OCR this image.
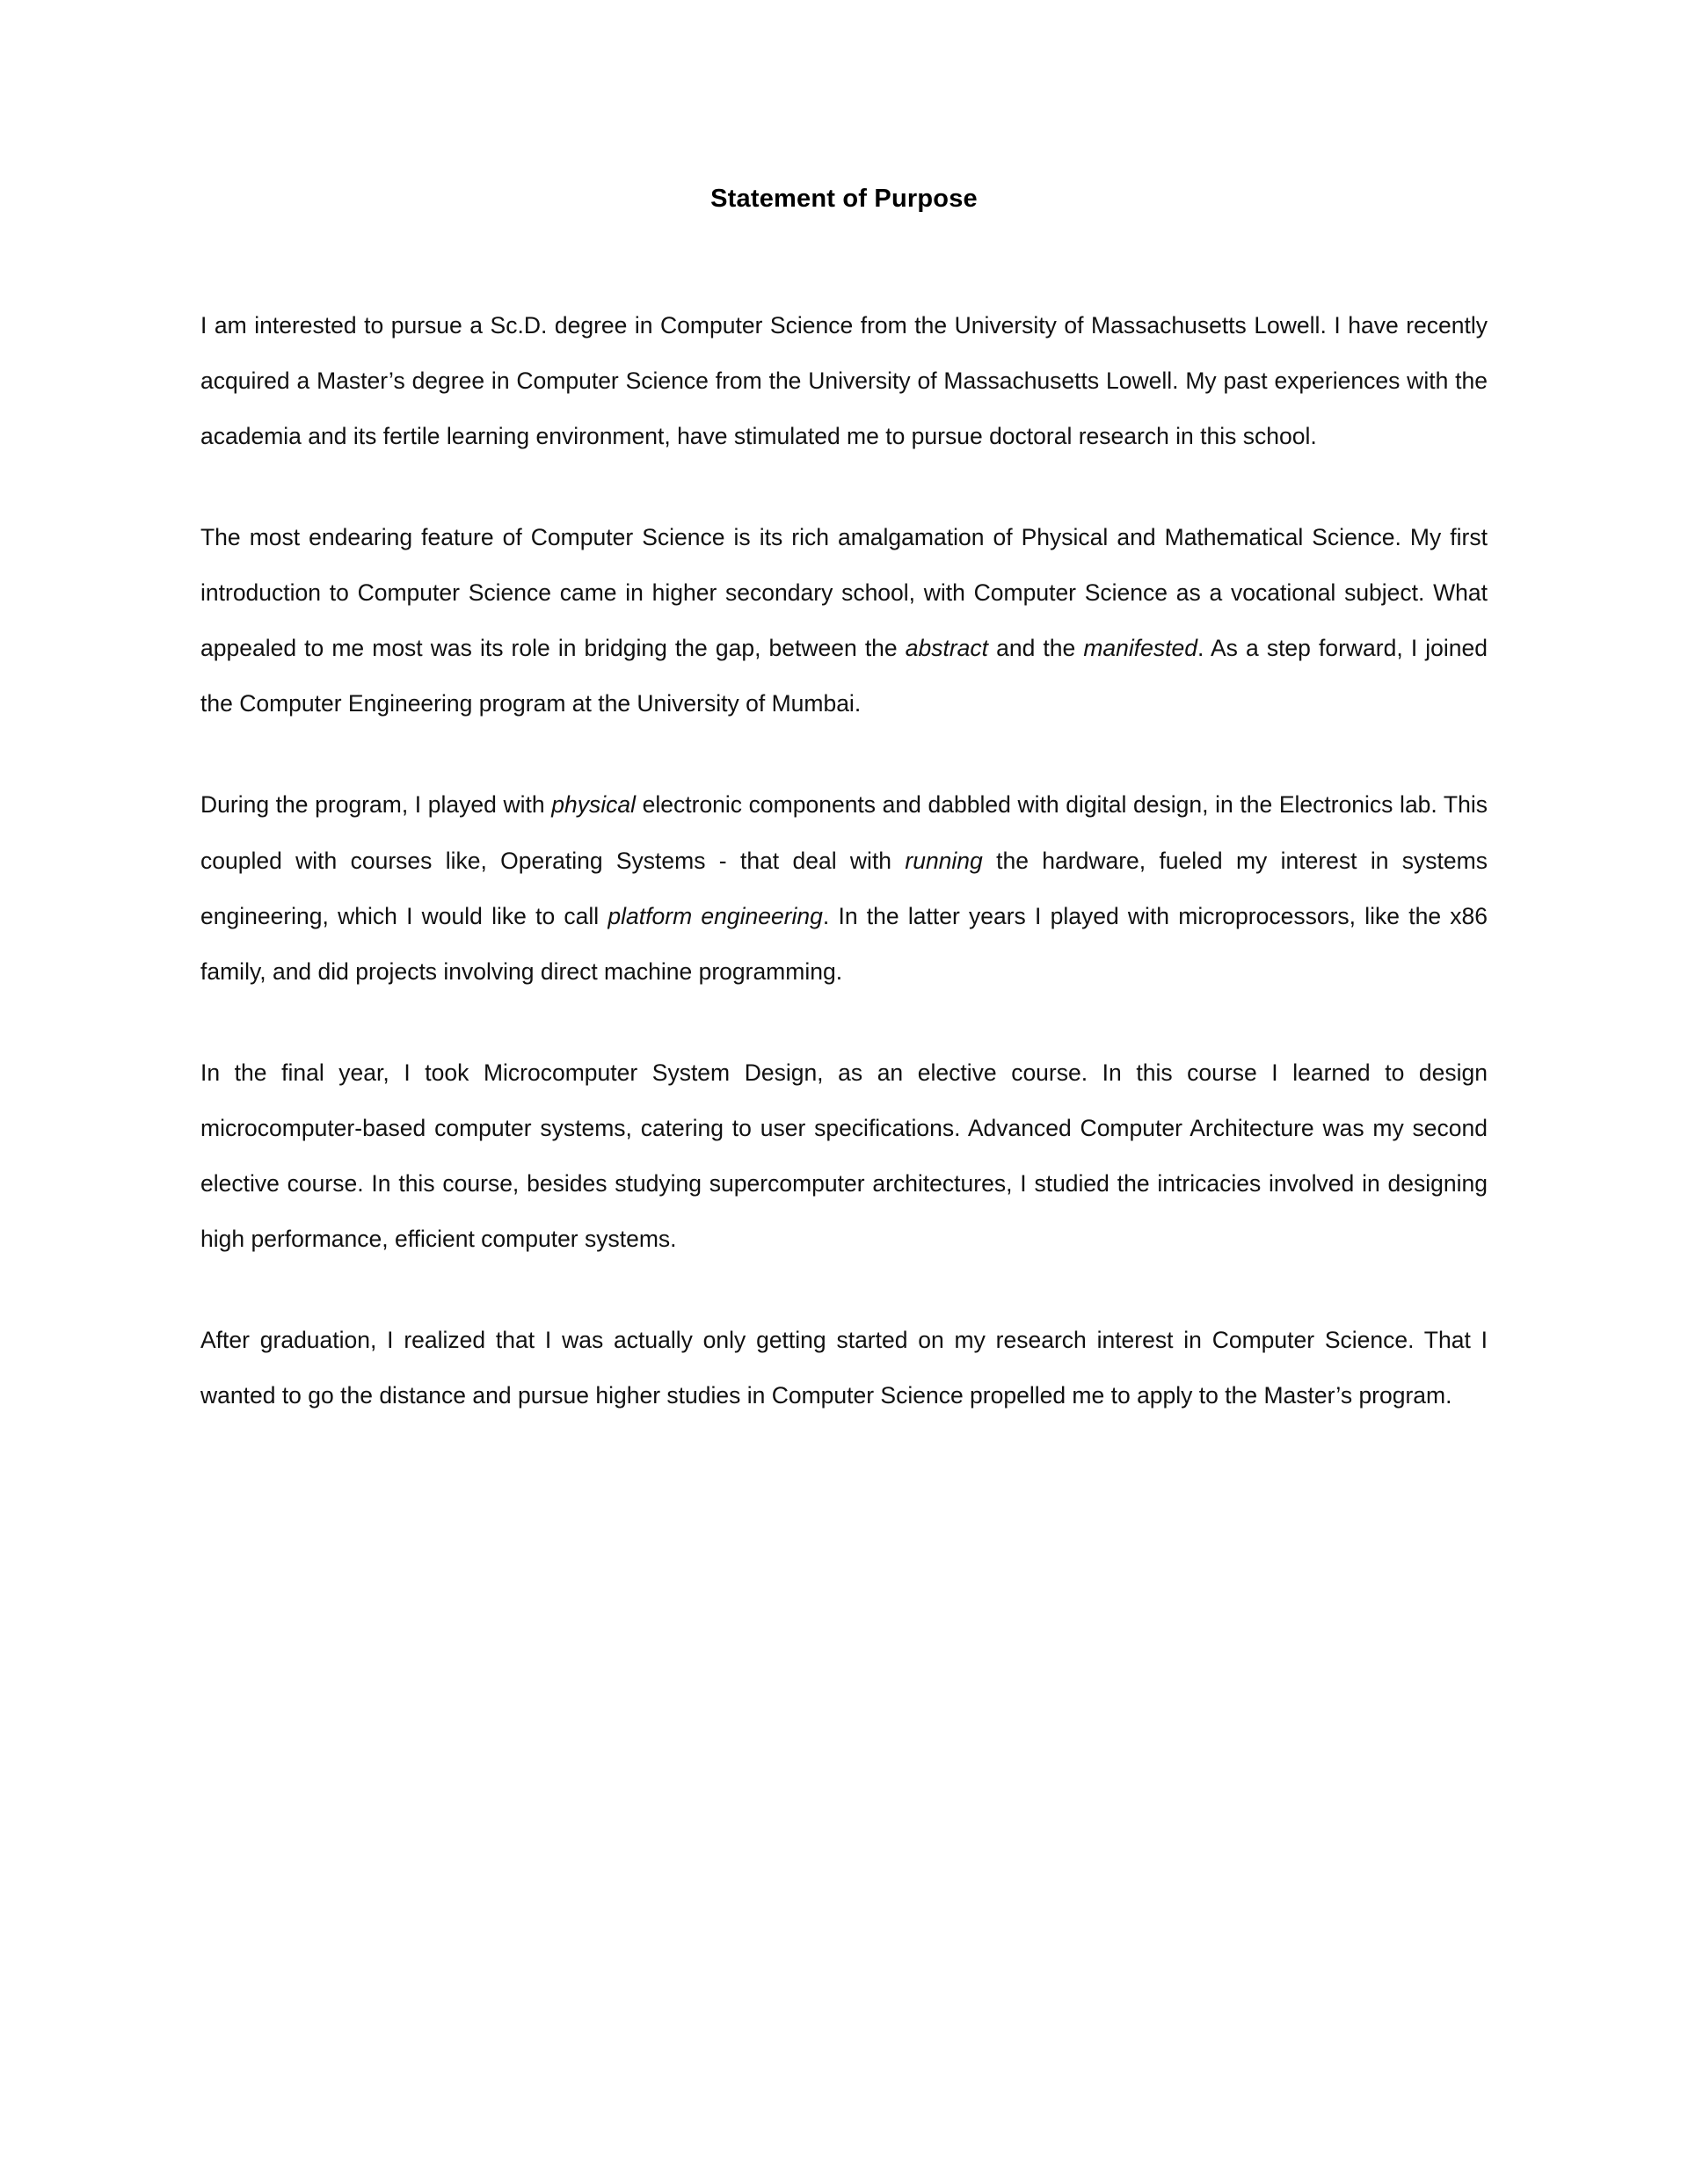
Statement of Purpose

I am interested to pursue a Sc.D. degree in Computer Science from the University of Massachusetts Lowell. I have recently acquired a Master’s degree in Computer Science from the University of Massachusetts Lowell. My past experiences with the academia and its fertile learning environment, have stimulated me to pursue doctoral research in this school.

The most endearing feature of Computer Science is its rich amalgamation of Physical and Mathematical Science. My first introduction to Computer Science came in higher secondary school, with Computer Science as a vocational subject. What appealed to me most was its role in bridging the gap, between the abstract and the manifested. As a step forward, I joined the Computer Engineering program at the University of Mumbai.

During the program, I played with physical electronic components and dabbled with digital design, in the Electronics lab. This coupled with courses like, Operating Systems - that deal with running the hardware, fueled my interest in systems engineering, which I would like to call platform engineering. In the latter years I played with microprocessors, like the x86 family, and did projects involving direct machine programming.

In the final year, I took Microcomputer System Design, as an elective course. In this course I learned to design microcomputer-based computer systems, catering to user specifications. Advanced Computer Architecture was my second elective course. In this course, besides studying supercomputer architectures, I studied the intricacies involved in designing high performance, efficient computer systems.

After graduation, I realized that I was actually only getting started on my research interest in Computer Science. That I wanted to go the distance and pursue higher studies in Computer Science propelled me to apply to the Master’s program.
